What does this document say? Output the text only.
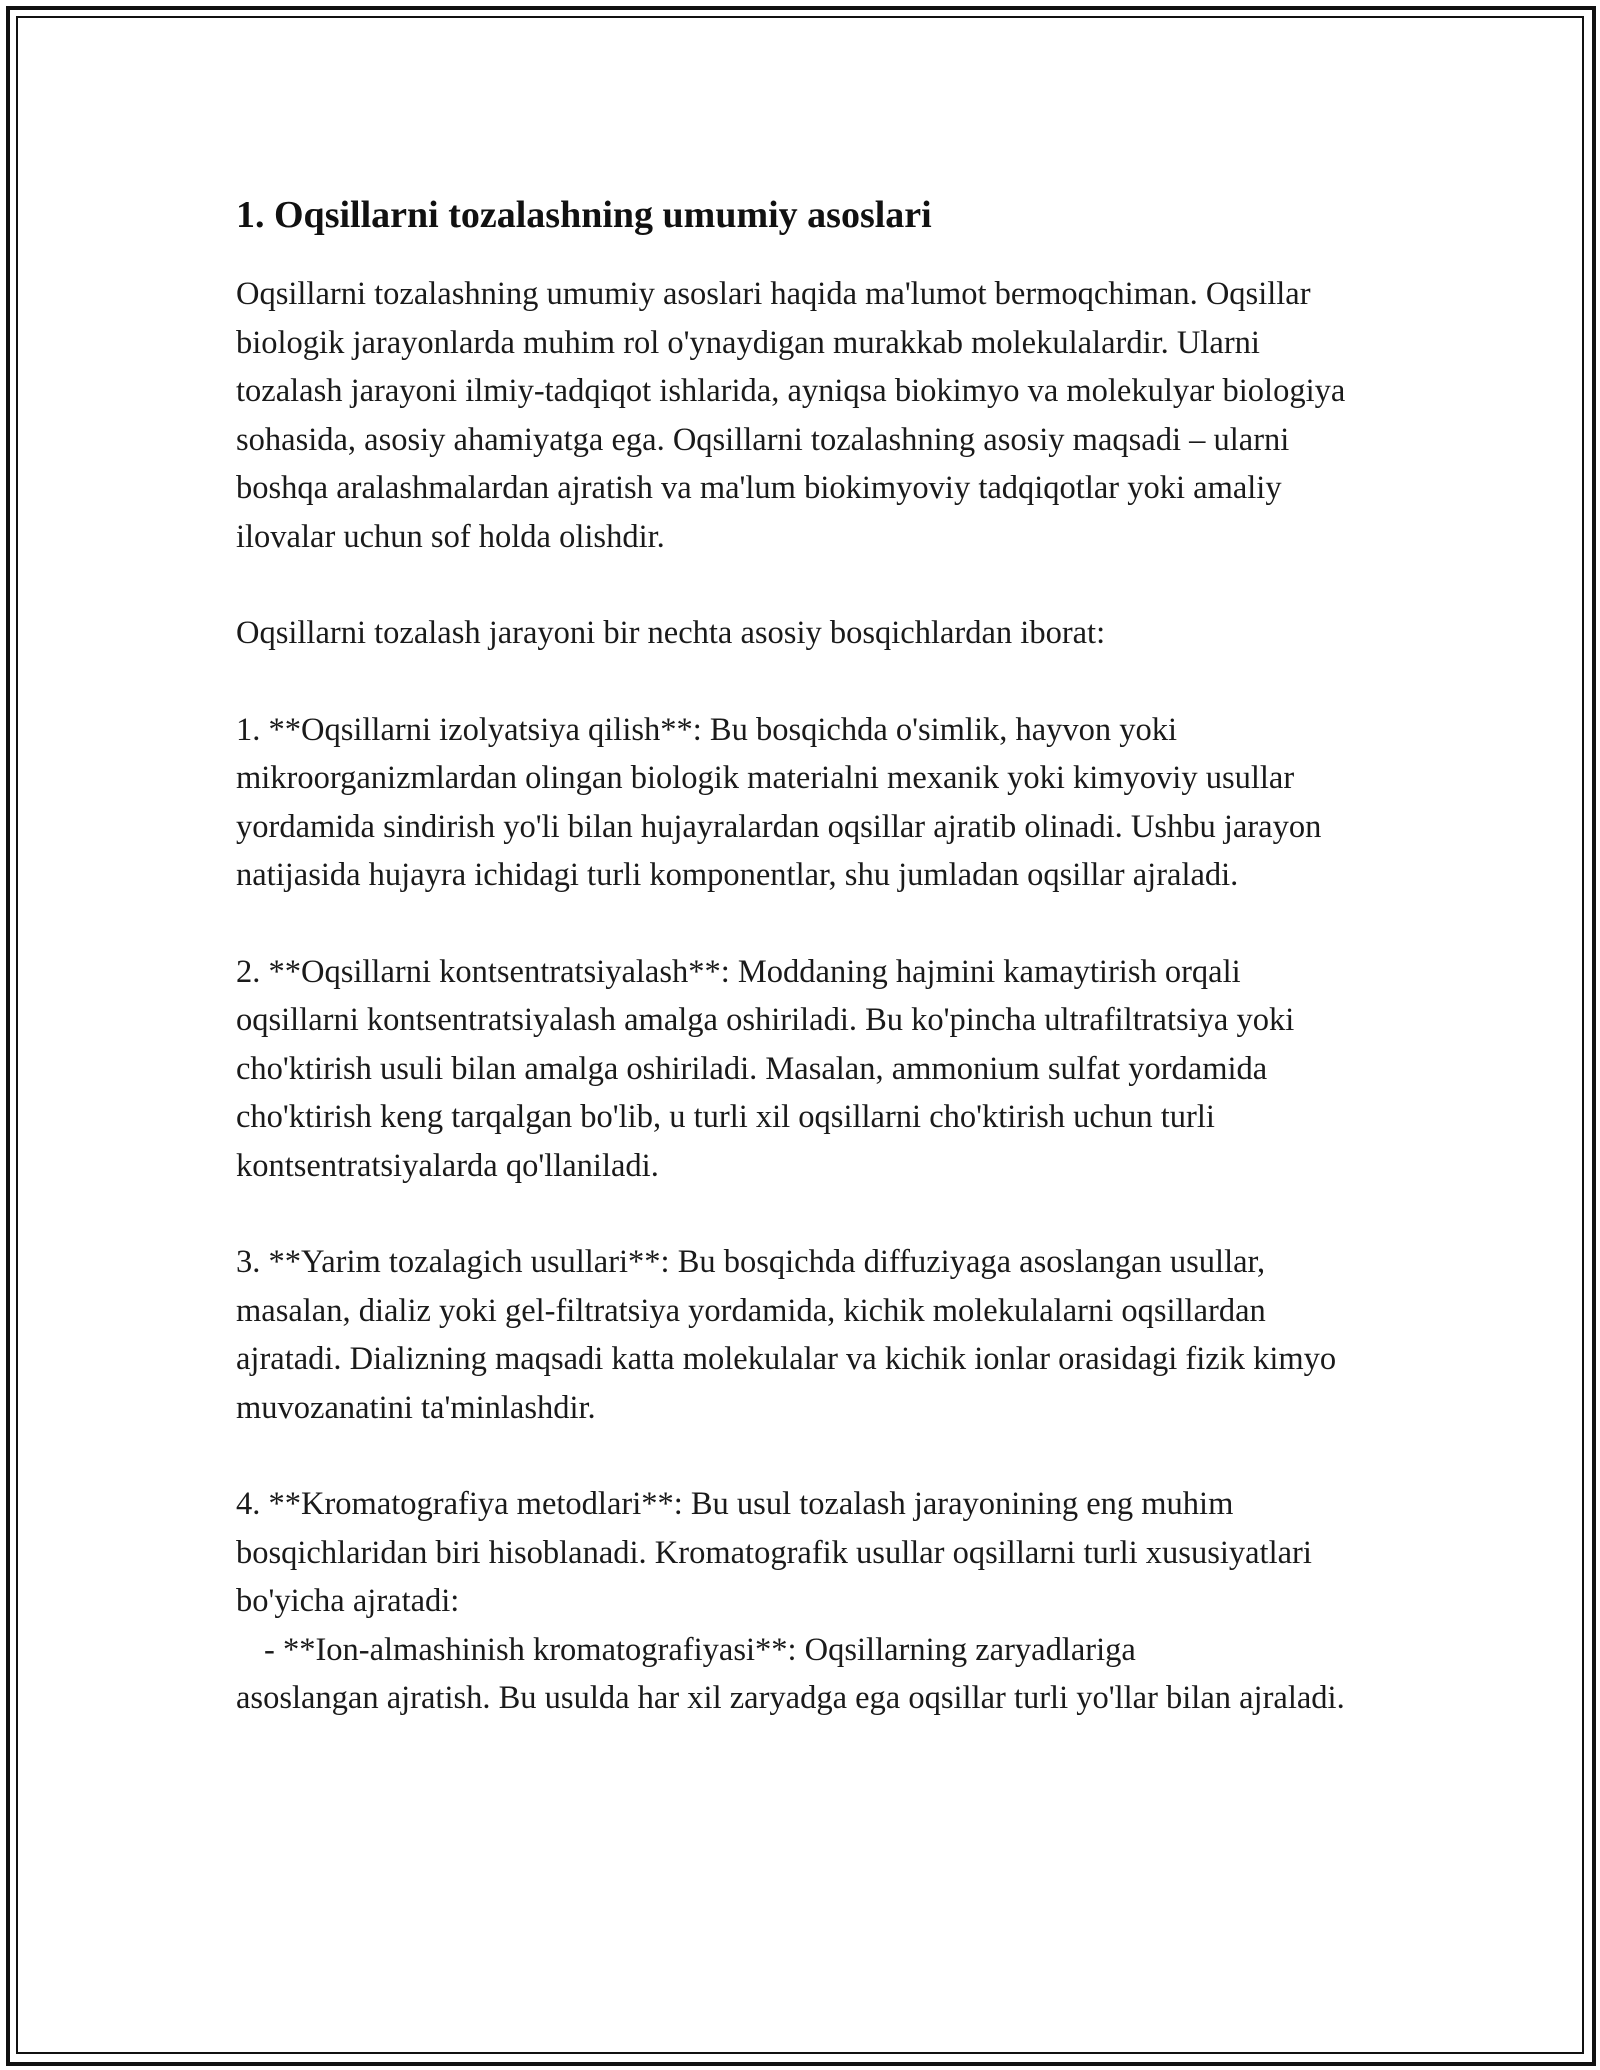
1. Oqsillarni tozalashning umumiy asoslari

Oqsillarni tozalashning umumiy asoslari haqida ma'lumot bermoqchiman. Oqsillar biologik jarayonlarda muhim rol o'ynaydigan murakkab molekulalardir. Ularni tozalash jarayoni ilmiy-tadqiqot ishlarida, ayniqsa biokimyo va molekulyar biologiya sohasida, asosiy ahamiyatga ega. Oqsillarni tozalashning asosiy maqsadi – ularni boshqa aralashmalardan ajratish va ma'lum biokimyoviy tadqiqotlar yoki amaliy ilovalar uchun sof holda olishdir.

Oqsillarni tozalash jarayoni bir nechta asosiy bosqichlardan iborat:

1. **Oqsillarni izolyatsiya qilish**: Bu bosqichda o'simlik, hayvon yoki mikroorganizmlardan olingan biologik materialni mexanik yoki kimyoviy usullar yordamida sindirish yo'li bilan hujayralardan oqsillar ajratib olinadi. Ushbu jarayon natijasida hujayra ichidagi turli komponentlar, shu jumladan oqsillar ajraladi.

2. **Oqsillarni kontsentratsiyalash**: Moddaning hajmini kamaytirish orqali oqsillarni kontsentratsiyalash amalga oshiriladi. Bu ko'pincha ultrafiltratsiya yoki cho'ktirish usuli bilan amalga oshiriladi. Masalan, ammonium sulfat yordamida cho'ktirish keng tarqalgan bo'lib, u turli xil oqsillarni cho'ktirish uchun turli kontsentratsiyalarda qo'llaniladi.

3. **Yarim tozalagich usullari**: Bu bosqichda diffuziyaga asoslangan usullar, masalan, dializ yoki gel-filtratsiya yordamida, kichik molekulalarni oqsillardan ajratadi. Dializning maqsadi katta molekulalar va kichik ionlar orasidagi fizik kimyo muvozanatini ta'minlashdir.

4. **Kromatografiya metodlari**: Bu usul tozalash jarayonining eng muhim bosqichlaridan biri hisoblanadi. Kromatografik usullar oqsillarni turli xususiyatlari bo'yicha ajratadi:
- **Ion-almashinish kromatografiyasi**: Oqsillarning zaryadlariga
asoslangan ajratish. Bu usulda har xil zaryadga ega oqsillar turli yo'llar bilan ajraladi.
